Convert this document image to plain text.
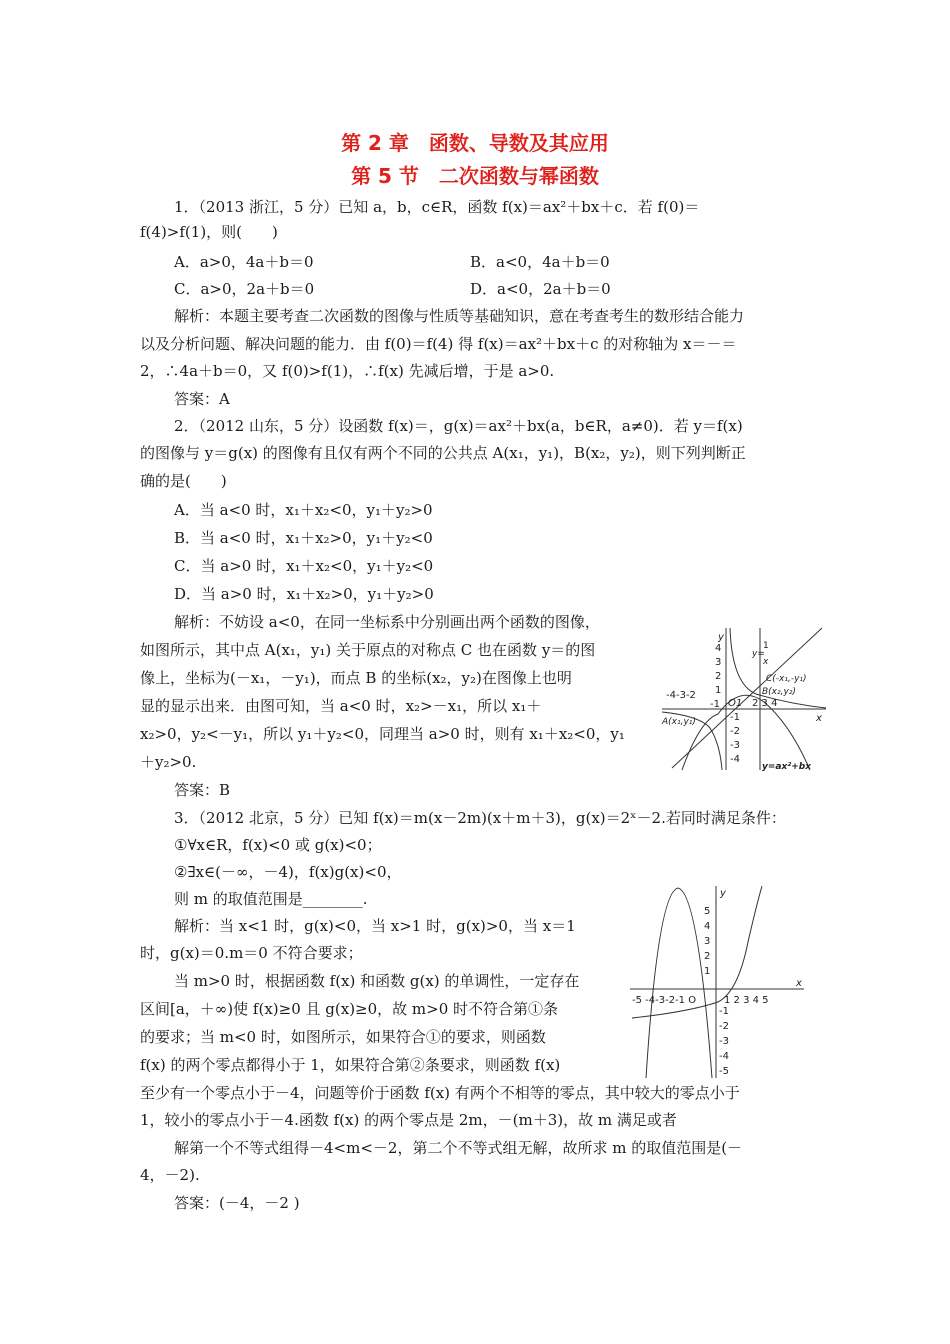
第 2 章　函数、导数及其应用
第 5 节　二次函数与幂函数

1．（2013 浙江，5 分）已知 a，b，c∈R，函数 f(x)＝ax²＋bx＋c．若 f(0)＝

f(4)>f(1)，则(　　)

A．a>0，4a＋b＝0	B．a<0，4a＋b＝0

C．a>0，2a＋b＝0	D．a<0，2a＋b＝0

解析：本题主要考查二次函数的图像与性质等基础知识，意在考查考生的数形结合能力

以及分析问题、解决问题的能力．由 f(0)＝f(4) 得 f(x)＝ax²＋bx＋c 的对称轴为 x＝－＝

2，∴4a＋b＝0，又 f(0)>f(1)，∴f(x) 先减后增，于是 a>0.

答案：A

2．（2012 山东，5 分）设函数 f(x)＝，g(x)＝ax²＋bx(a，b∈R，a≠0)．若 y＝f(x)

的图像与 y＝g(x) 的图像有且仅有两个不同的公共点 A(x₁，y₁)，B(x₂，y₂)，则下列判断正

确的是(　　)

A．当 a<0 时，x₁＋x₂<0，y₁＋y₂>0

B．当 a<0 时，x₁＋x₂>0，y₁＋y₂<0

C．当 a>0 时，x₁＋x₂<0，y₁＋y₂<0

D．当 a>0 时，x₁＋x₂>0，y₁＋y₂>0

解析：不妨设 a<0，在同一坐标系中分别画出两个函数的图像，

如图所示，其中点 A(x₁，y₁) 关于原点的对称点 C 也在函数 y＝的图

像上，坐标为(－x₁，－y₁)，而点 B 的坐标(x₂，y₂)在图像上也明

显的显示出来．由图可知，当 a<0 时，x₂>－x₁，所以 x₁＋

x₂>0，y₂<－y₁，所以 y₁＋y₂<0，同理当 a>0 时，则有 x₁＋x₂<0，y₁

＋y₂>0.

答案：B

y
x
4
3
2
1
-1
-2
-3
-4
-4-3-2
-1 O1 2 3 4
1
y=
x
C(-x₁,-y₁)
B(x₂,y₂)
A(x₁,y₁)
y=ax²+bx

3．（2012 北京，5 分）已知 f(x)＝m(x－2m)(x＋m＋3)，g(x)＝2ˣ－2.若同时满足条件：

①∀x∈R，f(x)<0 或 g(x)<0；

②∃x∈(－∞，－4)，f(x)g(x)<0，

则 m 的取值范围是________.

解析：当 x<1 时，g(x)<0，当 x>1 时，g(x)>0，当 x＝1

时，g(x)＝0.m＝0 不符合要求；

当 m>0 时，根据函数 f(x) 和函数 g(x) 的单调性，一定存在

区间[a，＋∞)使 f(x)≥0 且 g(x)≥0，故 m>0 时不符合第①条

的要求；当 m<0 时，如图所示，如果符合①的要求，则函数

f(x) 的两个零点都得小于 1，如果符合第②条要求，则函数 f(x)

至少有一个零点小于－4，问题等价于函数 f(x) 有两个不相等的零点，其中较大的零点小于

1，较小的零点小于－4.函数 f(x) 的两个零点是 2m，－(m＋3)，故 m 满足或者

解第一个不等式组得－4<m<－2，第二个不等式组无解，故所求 m 的取值范围是(－

4，－2).

答案：(－4，－2 )

y
x
5
4
3
2
1
-1
-2
-3
-4
-5
-5 -4-3-2-1 O	1 2 3 4 5
